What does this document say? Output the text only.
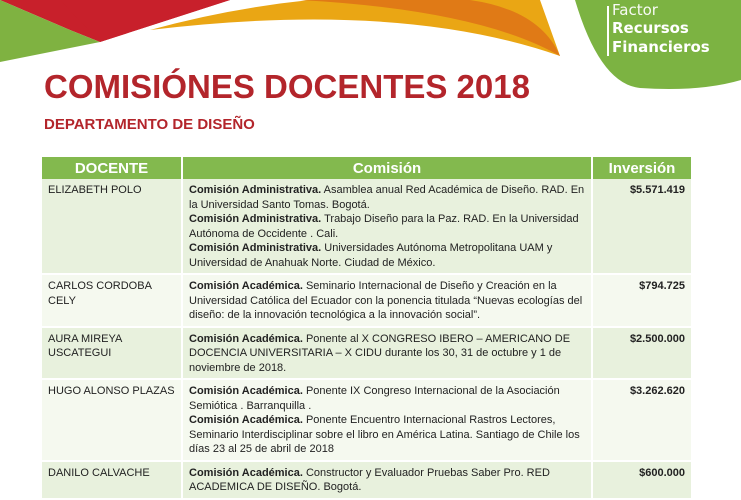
Factor
Recursos
Financieros
COMISIÓNES DOCENTES 2018
DEPARTAMENTO DE DISEÑO
DOCENTE	Comisión	Inversión
ELIZABETH POLO	Comisión Administrativa. Asamblea anual Red Académica de Diseño. RAD. En la Universidad Santo Tomas. Bogotá.
Comisión Administrativa. Trabajo Diseño para la Paz. RAD. En la Universidad Autónoma de Occidente . Cali.
Comisión Administrativa. Universidades Autónoma Metropolitana UAM y Universidad de Anahuak Norte. Ciudad de México.	$5.571.419
CARLOS CORDOBA CELY	Comisión Académica. Seminario Internacional de Diseño y Creación en la Universidad Católica del Ecuador con la ponencia titulada “Nuevas ecologías del diseño: de la innovación tecnológica a la innovación social”.	$794.725
AURA MIREYA USCATEGUI	Comisión Académica. Ponente al X CONGRESO IBERO – AMERICANO DE DOCENCIA UNIVERSITARIA – X CIDU durante los 30, 31 de octubre y 1 de noviembre de 2018.	$2.500.000
HUGO ALONSO PLAZAS	Comisión Académica. Ponente IX Congreso Internacional de la Asociación Semiótica . Barranquilla .
Comisión Académica. Ponente Encuentro Internacional Rastros Lectores, Seminario Interdisciplinar sobre el libro en América Latina. Santiago de Chile los días 23 al 25 de abril de 2018	$3.262.620
DANILO CALVACHE	Comisión Académica. Constructor y Evaluador Pruebas Saber Pro. RED ACADEMICA DE DISEÑO. Bogotá.	$600.000
